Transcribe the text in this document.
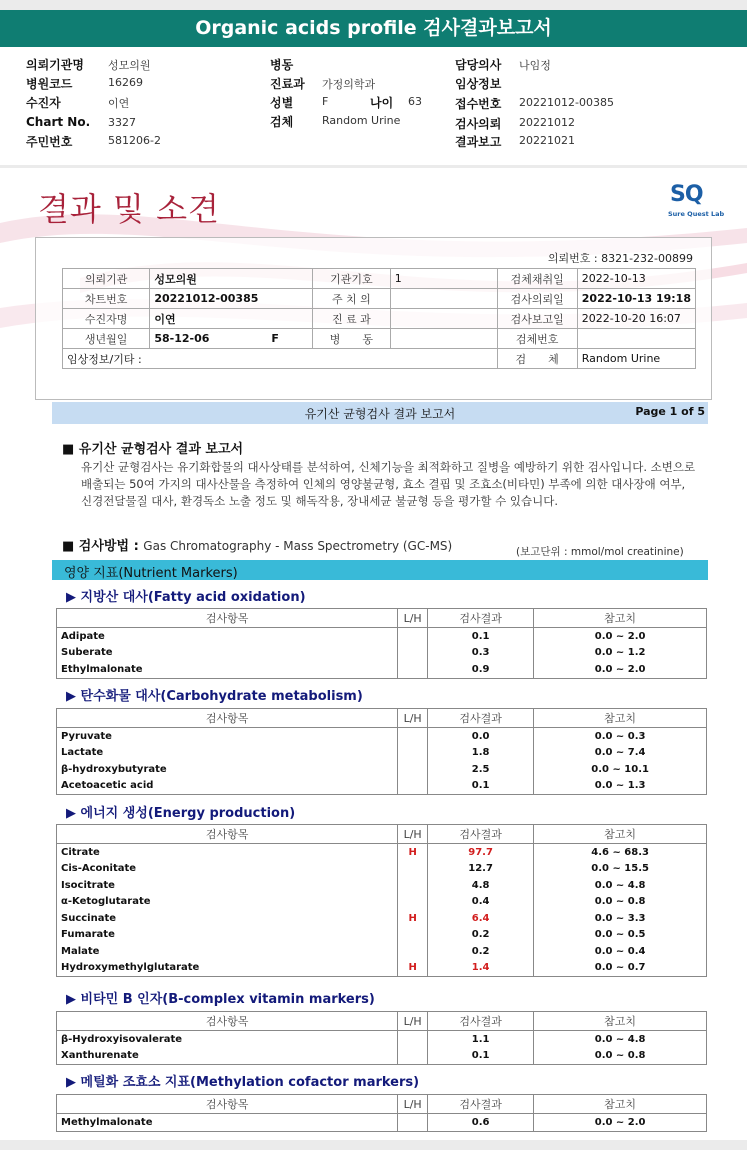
Organic acids profile 검사결과보고서
의뢰기관명 성모의원
병원코드	16269
수진자	이연
Chart No. 3327
주민번호	581206-2
병동
진료과 가정의학과
성별	F	나이 63
검체	Random Urine
담당의사 나임정
임상정보
접수번호 20221012-00385
검사의뢰 20221012
결과보고 20221021
결과 및 소견	SQ
Sure Quest Lab
의뢰번호 : 8321-232-00899
의뢰기관	성모의원	기관기호	1	검체채취일	2022-10-13
차트번호	20221012-00385	주 치 의		검사의뢰일	2022-10-13 19:18
수진자명	이연	진 료 과		검사보고일	2022-10-20 16:07
생년월일	58-12-06 F	병　　동		검체번호	
임상정보/기타 :				검　　체	Random Urine
유기산 균형검사 결과 보고서	Page 1 of 5
■ 유기산 균형검사 결과 보고서
유기산 균형검사는 유기화합물의 대사상태를 분석하여, 신체기능을 최적화하고 질병을 예방하기 위한 검사입니다. 소변으로 배출되는 50여 가지의 대사산물을 측정하여 인체의 영양불균형, 효소 결핍 및 조효소(비타민) 부족에 의한 대사장애 여부, 신경전달물질 대사, 환경독소 노출 정도 및 해독작용, 장내세균 불균형 등을 평가할 수 있습니다.
■ 검사방법 : Gas Chromatography - Mass Spectrometry (GC-MS)	(보고단위 : mmol/mol creatinine)
영양 지표(Nutrient Markers)
▶ 지방산 대사(Fatty acid oxidation)
검사항목	L/H	검사결과	참고치
Adipate		0.1	0.0 ~ 2.0
Suberate		0.3	0.0 ~ 1.2
Ethylmalonate		0.9	0.0 ~ 2.0
▶ 탄수화물 대사(Carbohydrate metabolism)
검사항목	L/H	검사결과	참고치
Pyruvate		0.0	0.0 ~ 0.3
Lactate		1.8	0.0 ~ 7.4
β-hydroxybutyrate		2.5	0.0 ~ 10.1
Acetoacetic acid		0.1	0.0 ~ 1.3
▶ 에너지 생성(Energy production)
검사항목	L/H	검사결과	참고치
Citrate	H	97.7	4.6 ~ 68.3
Cis-Aconitate		12.7	0.0 ~ 15.5
Isocitrate		4.8	0.0 ~ 4.8
α-Ketoglutarate		0.4	0.0 ~ 0.8
Succinate	H	6.4	0.0 ~ 3.3
Fumarate		0.2	0.0 ~ 0.5
Malate		0.2	0.0 ~ 0.4
Hydroxymethylglutarate	H	1.4	0.0 ~ 0.7
▶ 비타민 B 인자(B-complex vitamin markers)
검사항목	L/H	검사결과	참고치
β-Hydroxyisovalerate		1.1	0.0 ~ 4.8
Xanthurenate		0.1	0.0 ~ 0.8
▶ 메틸화 조효소 지표(Methylation cofactor markers)
검사항목	L/H	검사결과	참고치
Methylmalonate		0.6	0.0 ~ 2.0
